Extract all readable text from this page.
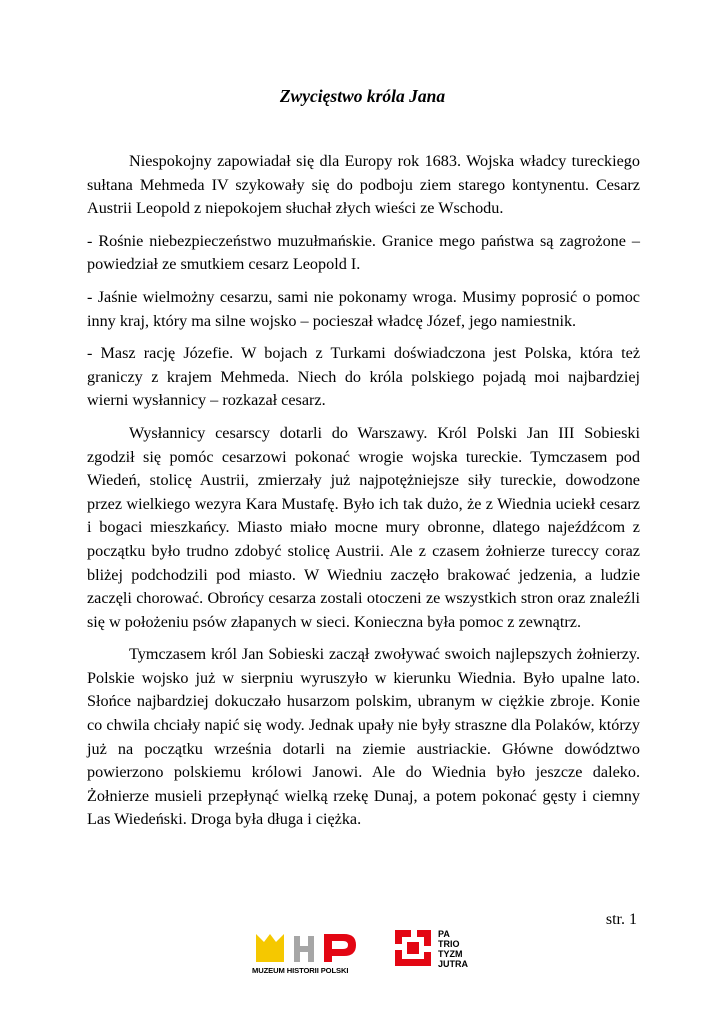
Zwycięstwo króla Jana

Niespokojny zapowiadał się dla Europy rok 1683. Wojska władcy tureckiego sułtana Mehmeda IV szykowały się do podboju ziem starego kontynentu. Cesarz Austrii Leopold z niepokojem słuchał złych wieści ze Wschodu.

- Rośnie niebezpieczeństwo muzułmańskie. Granice mego państwa są zagrożone – powiedział ze smutkiem cesarz Leopold I.

- Jaśnie wielmożny cesarzu, sami nie pokonamy wroga. Musimy poprosić o pomoc inny kraj, który ma silne wojsko – pocieszał władcę Józef, jego namiestnik.

- Masz rację Józefie. W bojach z Turkami doświadczona jest Polska, która też graniczy z krajem Mehmeda. Niech do króla polskiego pojadą moi najbardziej wierni wysłannicy – rozkazał cesarz.

Wysłannicy cesarscy dotarli do Warszawy. Król Polski Jan III Sobieski zgodził się pomóc cesarzowi pokonać wrogie wojska tureckie. Tymczasem pod Wiedeń, stolicę Austrii, zmierzały już najpotężniejsze siły tureckie, dowodzone przez wielkiego wezyra Kara Mustafę. Było ich tak dużo, że z Wiednia uciekł cesarz i bogaci mieszkańcy. Miasto miało mocne mury obronne, dlatego najeźdźcom z początku było trudno zdobyć stolicę Austrii. Ale z czasem żołnierze tureccy coraz bliżej podchodzili pod miasto. W Wiedniu zaczęło brakować jedzenia, a ludzie zaczęli chorować. Obrońcy cesarza zostali otoczeni ze wszystkich stron oraz znaleźli się w położeniu psów złapanych w sieci. Konieczna była pomoc z zewnątrz.

Tymczasem król Jan Sobieski zaczął zwoływać swoich najlepszych żołnierzy. Polskie wojsko już w sierpniu wyruszyło w kierunku Wiednia. Było upalne lato. Słońce najbardziej dokuczało husarzom polskim, ubranym w ciężkie zbroje. Konie co chwila chciały napić się wody. Jednak upały nie były straszne dla Polaków, którzy już na początku września dotarli na ziemie austriackie. Główne dowództwo powierzono polskiemu królowi Janowi. Ale do Wiednia było jeszcze daleko. Żołnierze musieli przepłynąć wielką rzekę Dunaj, a potem pokonać gęsty i ciemny Las Wiedeński. Droga była długa i ciężka.

str. 1
MUZEUM HISTORII POLSKI
PA
TRIO
TYZM
JUTRA
